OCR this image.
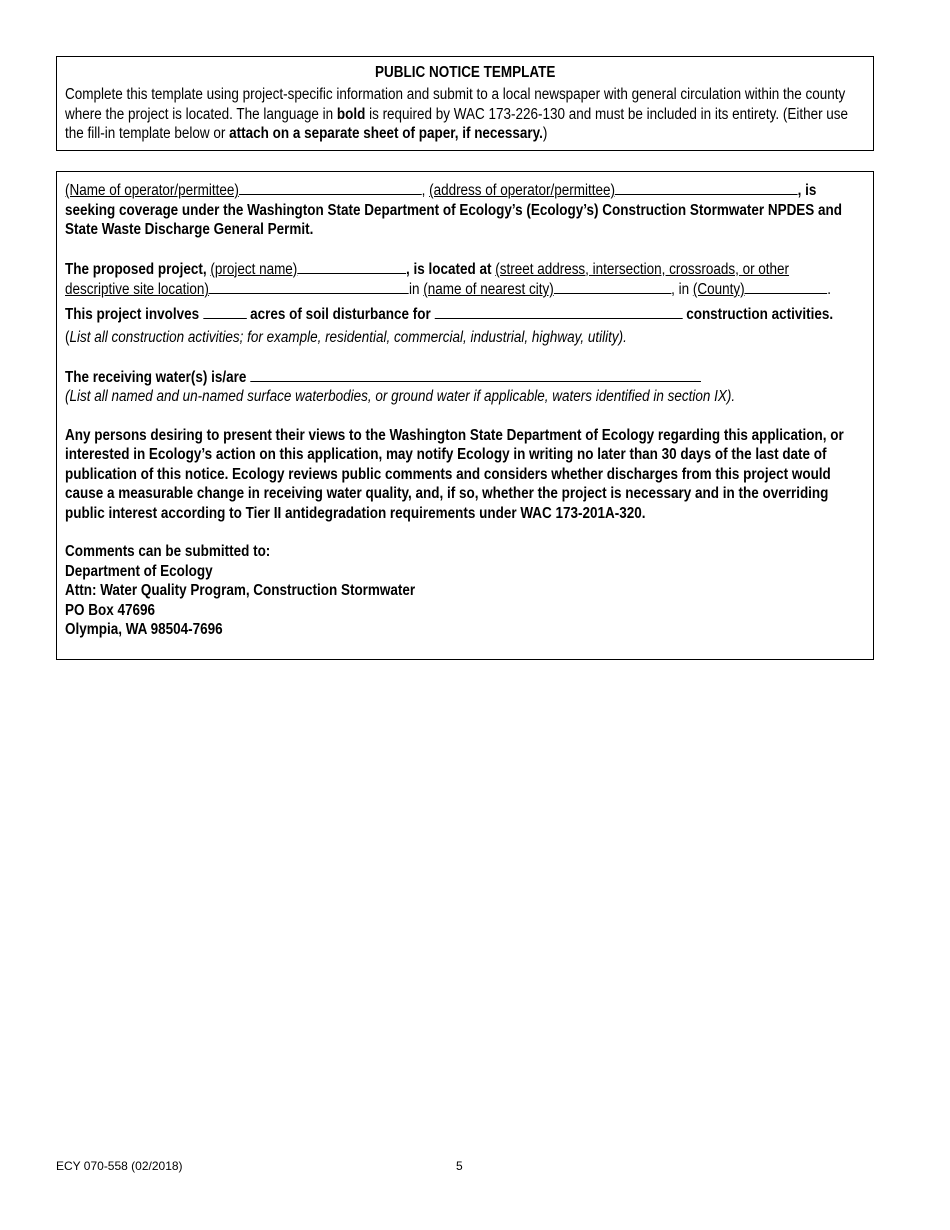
PUBLIC NOTICE TEMPLATE

Complete this template using project-specific information and submit to a local newspaper with general circulation within the county where the project is located. The language in bold is required by WAC 173-226-130 and must be included in its entirety. (Either use the fill-in template below or attach on a separate sheet of paper, if necessary.)

(Name of operator/permittee)	, (address of operator/permittee)	, is

seeking coverage under the Washington State Department of Ecology’s (Ecology’s) Construction Stormwater NPDES and State Waste Discharge General Permit.

The proposed project, (project name)	, is located at (street address, intersection, crossroads, or other

descriptive site location)	in (name of nearest city)	, in (County)	.

This project involves	acres of soil disturbance for	construction activities.

(List all construction activities; for example, residential, commercial, industrial, highway, utility).

The receiving water(s) is/are

(List all named and un-named surface waterbodies, or ground water if applicable, waters identified in section IX).

Any persons desiring to present their views to the Washington State Department of Ecology regarding this application, or interested in Ecology’s action on this application, may notify Ecology in writing no later than 30 days of the last date of publication of this notice. Ecology reviews public comments and considers whether discharges from this project would cause a measurable change in receiving water quality, and, if so, whether the project is necessary and in the overriding public interest according to Tier II antidegradation requirements under WAC 173-201A-320.

Comments can be submitted to:

Department of Ecology

Attn: Water Quality Program, Construction Stormwater

PO Box 47696

Olympia, WA 98504-7696

ECY 070-558 (02/2018)	5
